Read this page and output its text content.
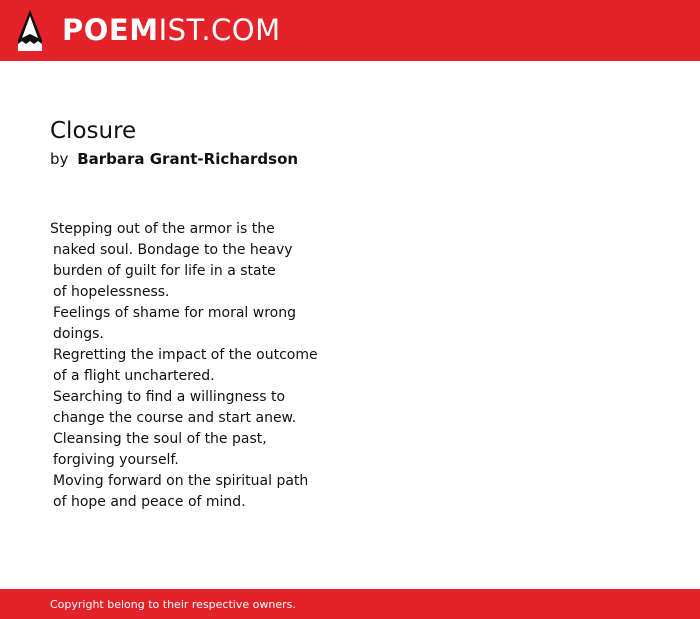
POEMIST.COM
Closure
by Barbara Grant-Richardson
Stepping out of the armor is the
naked soul. Bondage to the heavy
burden of guilt for life in a state
of hopelessness.
Feelings of shame for moral wrong
doings.
Regretting the impact of the outcome
of a flight unchartered.
Searching to find a willingness to
change the course and start anew.
Cleansing the soul of the past,
forgiving yourself.
Moving forward on the spiritual path
of hope and peace of mind.
Copyright belong to their respective owners.
